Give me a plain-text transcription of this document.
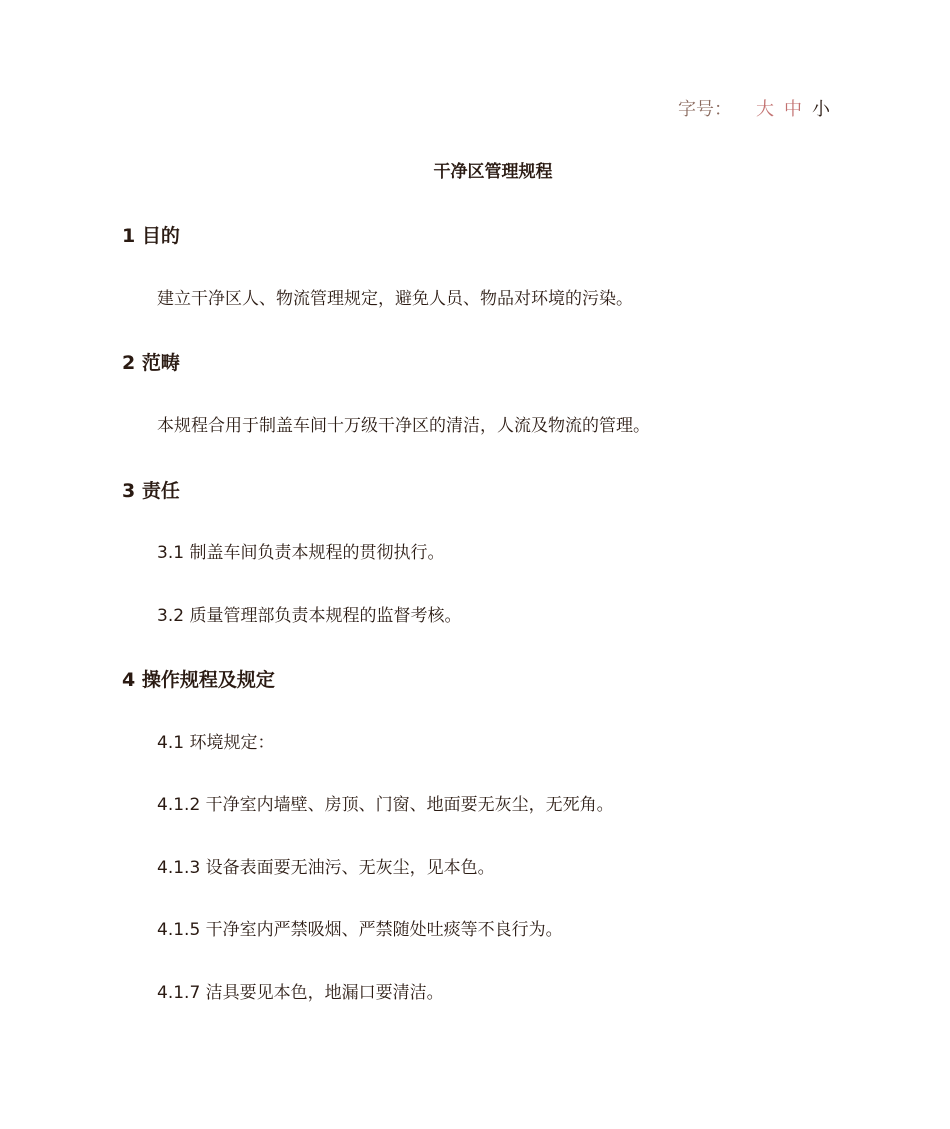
字号： 大 中 小
干净区管理规程
1 目的
建立干净区人、物流管理规定，避免人员、物品对环境的污染。
2 范畴
本规程合用于制盖车间十万级干净区的清洁，人流及物流的管理。
3 责任
3.1 制盖车间负责本规程的贯彻执行。
3.2 质量管理部负责本规程的监督考核。
4 操作规程及规定
4.1 环境规定：
4.1.2 干净室内墙壁、房顶、门窗、地面要无灰尘，无死角。
4.1.3 设备表面要无油污、无灰尘，见本色。
4.1.5 干净室内严禁吸烟、严禁随处吐痰等不良行为。
4.1.7 洁具要见本色，地漏口要清洁。
